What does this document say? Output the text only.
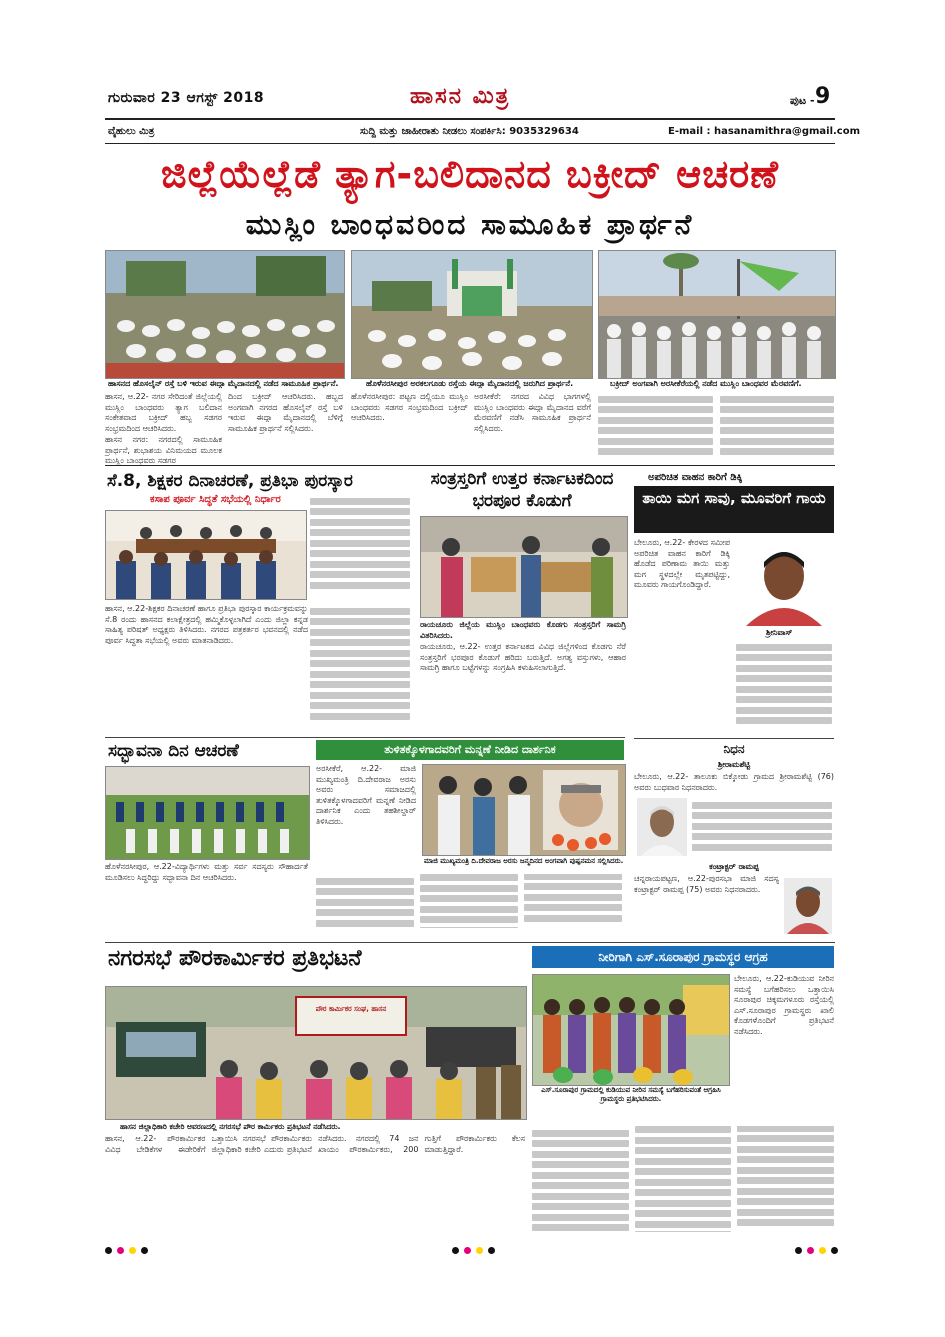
ಗುರುವಾರ 23 ಆಗಸ್ಟ್ 2018	ಹಾಸನ ಮಿತ್ರ	ಪುಟ - 9
ವೈಹುಲು ಮಿತ್ರ	ಸುದ್ದಿ ಮತ್ತು ಜಾಹೀರಾತು ನೀಡಲು ಸಂಪರ್ಕಿಸಿ: 9035329634	E-mail : hasanamithra@gmail.com
ಜಿಲ್ಲೆಯೆಲ್ಲೆಡೆ ತ್ಯಾಗ-ಬಲಿದಾನದ ಬಕ್ರೀದ್ ಆಚರಣೆ
ಮುಸ್ಲಿಂ ಬಾಂಧವರಿಂದ ಸಾಮೂಹಿಕ ಪ್ರಾರ್ಥನೆ
ಹಾಸನದ ಹೊಸಲೈನ್ ರಸ್ತೆ ಬಳಿ ಇರುವ ಈದ್ಗಾ ಮೈದಾನದಲ್ಲಿ ನಡೆದ ಸಾಮೂಹಿಕ ಪ್ರಾರ್ಥನೆ.	ಹೊಳೆನರಸೀಪುರ ಅರಕಲಗೂಡು ರಸ್ತೆಯ ಈದ್ಗಾ ಮೈದಾನದಲ್ಲಿ ಜರುಗಿದ ಪ್ರಾರ್ಥನೆ.	ಬಕ್ರೀದ್ ಅಂಗವಾಗಿ ಅರಸೀಕೆರೆಯಲ್ಲಿ ನಡೆದ ಮುಸ್ಲಿಂ ಬಾಂಧವರ ಮೆರವಣಿಗೆ.

ಹಾಸನ, ಆ.22- ನಗರ ಸೇರಿದಂತೆ ಜಿಲ್ಲೆಯಲ್ಲಿ ಮುಸ್ಲಿಂ ಬಾಂಧವರು ತ್ಯಾಗ ಬಲಿದಾನ ಸಂಕೇತವಾದ ಬಕ್ರೀದ್ ಹಬ್ಬ ಸಡಗರ ಸಂಭ್ರಮದಿಂದ ಆಚರಿಸಿದರು.

ಹಾಸನ ನಗರ: ನಗರದಲ್ಲಿ ಸಾಮೂಹಿಕ ಪ್ರಾರ್ಥನೆ, ಶುಭಾಶಯ ವಿನಿಮಯದ ಮೂಲಕ ಮುಸ್ಲಿಂ ಬಾಂಧವರು ಸಡಗರ

ದಿಂದ ಬಕ್ರೀದ್ ಆಚರಿಸಿದರು. ಹಬ್ಬದ ಅಂಗವಾಗಿ ನಗರದ ಹೊಸಲೈನ್ ರಸ್ತೆ ಬಳಿ ಇರುವ ಈದ್ಗಾ ಮೈದಾನದಲ್ಲಿ ಬೆಳಿಗ್ಗೆ ಸಾಮೂಹಿಕ ಪ್ರಾರ್ಥನೆ ಸಲ್ಲಿಸಿದರು.

ಹೊಳೆನರಸೀಪುರ: ಪಟ್ಟಣ ದಲ್ಲಿಯೂ ಮುಸ್ಲಿಂ ಬಾಂಧವರು ಸಡಗರ ಸಂಭ್ರಮದಿಂದ ಬಕ್ರೀದ್ ಆಚರಿಸಿದರು.

ಅರಸೀಕೆರೆ: ನಗರದ ವಿವಿಧ ಭಾಗಗಳಲ್ಲಿ ಮುಸ್ಲಿಂ ಬಾಂಧವರು ಈದ್ಗಾ ಮೈದಾನದ ವರೆಗೆ ಮೆರವಣಿಗೆ ನಡೆಸಿ ಸಾಮೂಹಿಕ ಪ್ರಾರ್ಥನೆ ಸಲ್ಲಿಸಿದರು.

ಸೆ.8, ಶಿಕ್ಷಕರ ದಿನಾಚರಣೆ, ಪ್ರತಿಭಾ ಪುರಸ್ಕಾರ
ಕಸಾಪ ಪೂರ್ವ ಸಿದ್ಧತೆ ಸಭೆಯಲ್ಲಿ ನಿರ್ಧಾರ
ಹಾಸನ, ಆ.22-ಶಿಕ್ಷಕರ ದಿನಾಚರಣೆ ಹಾಗೂ ಪ್ರತಿಭಾ ಪುರಸ್ಕಾರ ಕಾರ್ಯಕ್ರಮವನ್ನು ಸೆ.8 ರಂದು ಹಾಸನದ ಕಲಾಕ್ಷೇತ್ರದಲ್ಲಿ ಹಮ್ಮಿಕೊಳ್ಳಲಾಗಿದೆ ಎಂದು ಜಿಲ್ಲಾ ಕನ್ನಡ ಸಾಹಿತ್ಯ ಪರಿಷತ್ ಅಧ್ಯಕ್ಷರು ತಿಳಿಸಿದರು. ನಗರದ ಪತ್ರಕರ್ತರ ಭವನದಲ್ಲಿ ನಡೆದ ಪೂರ್ವ ಸಿದ್ಧತಾ ಸಭೆಯಲ್ಲಿ ಅವರು ಮಾತನಾಡಿದರು.
ಸಂತ್ರಸ್ತರಿಗೆ ಉತ್ತರ ಕರ್ನಾಟಕದಿಂದ ಭರಪೂರ ಕೊಡುಗೆ

ರಾಯಚೂರು ಜಿಲ್ಲೆಯ ಮುಸ್ಲಿಂ ಬಾಂಧವರು ಕೊಡಗು ಸಂತ್ರಸ್ತರಿಗೆ ಸಾಮಗ್ರಿ ವಿತರಿಸಿದರು.

ರಾಯಚೂರು, ಆ.22- ಉತ್ತರ ಕರ್ನಾಟಕದ ವಿವಿಧ ಜಿಲ್ಲೆಗಳಿಂದ ಕೊಡಗು ನೆರೆ ಸಂತ್ರಸ್ತರಿಗೆ ಭರಪೂರ ಕೊಡುಗೆ ಹರಿದು ಬರುತ್ತಿದೆ. ಅಗತ್ಯ ವಸ್ತುಗಳು, ಆಹಾರ ಸಾಮಗ್ರಿ ಹಾಗೂ ಬಟ್ಟೆಗಳನ್ನು ಸಂಗ್ರಹಿಸಿ ಕಳುಹಿಸಲಾಗುತ್ತಿದೆ.

ಅಪರಿಚಿತ ವಾಹನ ಕಾರಿಗೆ ಡಿಕ್ಕಿ
ತಾಯಿ ಮಗ ಸಾವು, ಮೂವರಿಗೆ ಗಾಯ
ಬೇಲೂರು, ಆ.22- ಕೇರಳದ ಸಮೀಪ ಅಪರಿಚಿತ ವಾಹನ ಕಾರಿಗೆ ಡಿಕ್ಕಿ ಹೊಡೆದ ಪರಿಣಾಮ ತಾಯಿ ಮತ್ತು ಮಗ ಸ್ಥಳದಲ್ಲೇ ಮೃತಪಟ್ಟಿದ್ದು, ಮೂವರು ಗಾಯಗೊಂಡಿದ್ದಾರೆ.
ಶ್ರೀನಿವಾಸ್
ಸದ್ಭಾವನಾ ದಿನ ಆಚರಣೆ
ಹೊಳೆನರಸೀಪುರ, ಆ.22-ವಿದ್ಯಾರ್ಥಿಗಳು ಮತ್ತು ಸರ್ವ ಸದಸ್ಯರು ಸೌಹಾರ್ದತೆ ಮೂಡಿಸಲು ಸಿದ್ಧರಿದ್ದು ಸದ್ಭಾವನಾ ದಿನ ಆಚರಿಸಿದರು.
ತುಳಿತಕ್ಕೊಳಗಾದವರಿಗೆ ಮನ್ನಣೆ ನೀಡಿದ ದಾರ್ಶನಿಕ
ಅರಸೀಕೆರೆ, ಆ.22- ಮಾಜಿ ಮುಖ್ಯಮಂತ್ರಿ ದಿ.ದೇವರಾಜ ಅರಸು ಅವರು ಸಮಾಜದಲ್ಲಿ ತುಳಿತಕ್ಕೊಳಗಾದವರಿಗೆ ಮನ್ನಣೆ ನೀಡಿದ ದಾರ್ಶನಿಕ ಎಂದು ತಹಶೀಲ್ದಾರ್ ತಿಳಿಸಿದರು.
ಮಾಜಿ ಮುಖ್ಯಮಂತ್ರಿ ದಿ.ದೇವರಾಜ ಅರಸು ಜನ್ಮದಿನದ ಅಂಗವಾಗಿ ಪುಷ್ಪನಮನ ಸಲ್ಲಿಸಿದರು.
ನಿಧನ
ಶ್ರೀರಾಮಶೆಟ್ಟಿ
ಬೇಲೂರು, ಆ.22- ತಾಲೂಕು ಬಿಕ್ಕೋಡು ಗ್ರಾಮದ ಶ್ರೀರಾಮಶೆಟ್ಟಿ (76) ಅವರು ಬುಧವಾರ ನಿಧನರಾದರು.
ಕಂಟ್ರಾಕ್ಟರ್ ರಾಮಪ್ಪ
ಚನ್ನರಾಯಪಟ್ಟಣ, ಆ.22-ಪುರಸಭಾ ಮಾಜಿ ಸದಸ್ಯ ಕಂಟ್ರಾಕ್ಟರ್ ರಾಮಪ್ಪ (75) ಅವರು ನಿಧನರಾದರು.
ನಗರಸಭೆ ಪೌರಕಾರ್ಮಿಕರ ಪ್ರತಿಭಟನೆ
ಪೌರ ಕಾರ್ಮಿಕರ ಸಂಘ, ಹಾಸನ
ಹಾಸನ ಜಿಲ್ಲಾಧಿಕಾರಿ ಕಚೇರಿ ಆವರಣದಲ್ಲಿ ನಗರಸಭೆ ಪೌರ ಕಾರ್ಮಿಕರು ಪ್ರತಿಭಟನೆ ನಡೆಸಿದರು.
ಹಾಸನ, ಆ.22- ಪೌರಕಾರ್ಮಿಕರ ವಿವಿಧ ಬೇಡಿಕೆಗಳ ಈಡೇರಿಕೆಗೆ ಒತ್ತಾಯಿಸಿ ನಗರಸಭೆ ಪೌರಕಾರ್ಮಿಕರು ಜಿಲ್ಲಾಧಿಕಾರಿ ಕಚೇರಿ ಎದುರು ಪ್ರತಿಭಟನೆ ನಡೆಸಿದರು. ನಗರದಲ್ಲಿ 74 ಜನ ಖಾಯಂ ಪೌರಕಾರ್ಮಿಕರು, 200 ಗುತ್ತಿಗೆ ಪೌರಕಾರ್ಮಿಕರು ಕೆಲಸ ಮಾಡುತ್ತಿದ್ದಾರೆ.
ನೀರಿಗಾಗಿ ಎಸ್.ಸೂರಾಪುರ ಗ್ರಾಮಸ್ಥರ ಆಗ್ರಹ
ಎಸ್.ಸೂರಾಪುರ ಗ್ರಾಮದಲ್ಲಿ ಕುಡಿಯುವ ನೀರಿನ ಸಮಸ್ಯೆ ಬಗೆಹರಿಸುವಂತೆ ಆಗ್ರಹಿಸಿ ಗ್ರಾಮಸ್ಥರು ಪ್ರತಿಭಟಿಸಿದರು.
ಬೇಲೂರು, ಆ.22-ಕುಡಿಯುವ ನೀರಿನ ಸಮಸ್ಯೆ ಬಗೆಹರಿಸಲು ಒತ್ತಾಯಿಸಿ ಸೂರಾಪುರ ಚಿಕ್ಕಮಗಳೂರು ರಸ್ತೆಯಲ್ಲಿ ಎಸ್.ಸೂರಾಪುರ ಗ್ರಾಮಸ್ಥರು ಖಾಲಿ ಕೊಡಗಳೊಂದಿಗೆ ಪ್ರತಿಭಟನೆ ನಡೆಸಿದರು.
